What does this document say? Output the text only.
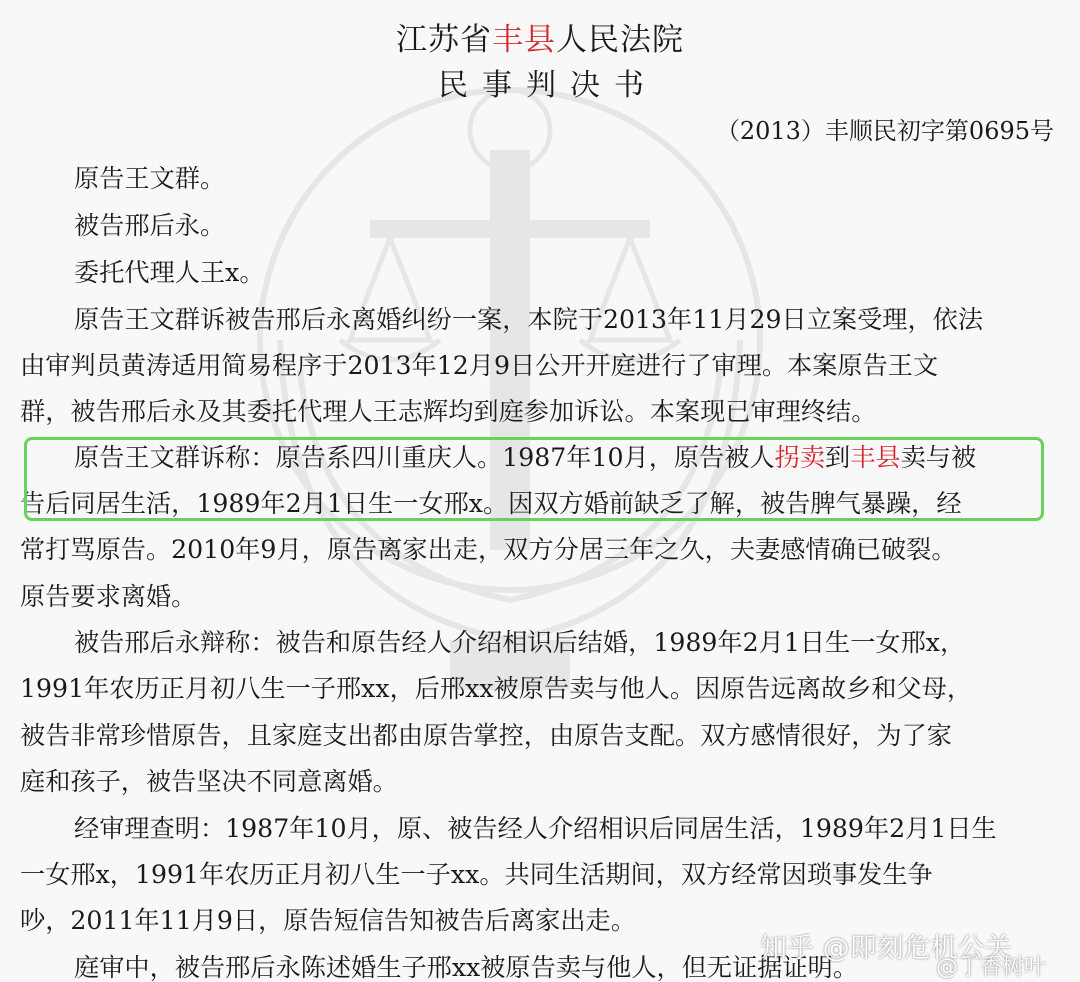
江苏省丰县人民法院
民事判决书
（2013）丰顺民初字第0695号
原告王文群。
被告邢后永。
委托代理人王x。
原告王文群诉被告邢后永离婚纠纷一案，本院于2013年11月29日立案受理，依法
由审判员黄涛适用简易程序于2013年12月9日公开开庭进行了审理。本案原告王文
群，被告邢后永及其委托代理人王志辉均到庭参加诉讼。本案现已审理终结。
原告王文群诉称：原告系四川重庆人。1987年10月，原告被人拐卖到丰县卖与被
告后同居生活，1989年2月1日生一女邢x。因双方婚前缺乏了解，被告脾气暴躁，经
常打骂原告。2010年9月，原告离家出走，双方分居三年之久，夫妻感情确已破裂。
原告要求离婚。
被告邢后永辩称：被告和原告经人介绍相识后结婚，1989年2月1日生一女邢x，
1991年农历正月初八生一子邢xx，后邢xx被原告卖与他人。因原告远离故乡和父母，
被告非常珍惜原告，且家庭支出都由原告掌控，由原告支配。双方感情很好，为了家
庭和孩子，被告坚决不同意离婚。
经审理查明：1987年10月，原、被告经人介绍相识后同居生活，1989年2月1日生
一女邢x，1991年农历正月初八生一子xx。共同生活期间，双方经常因琐事发生争
吵，2011年11月9日，原告短信告知被告后离家出走。
庭审中，被告邢后永陈述婚生子邢xx被原告卖与他人，但无证据证明。
知乎 @即刻危机公关
@丁香树叶
